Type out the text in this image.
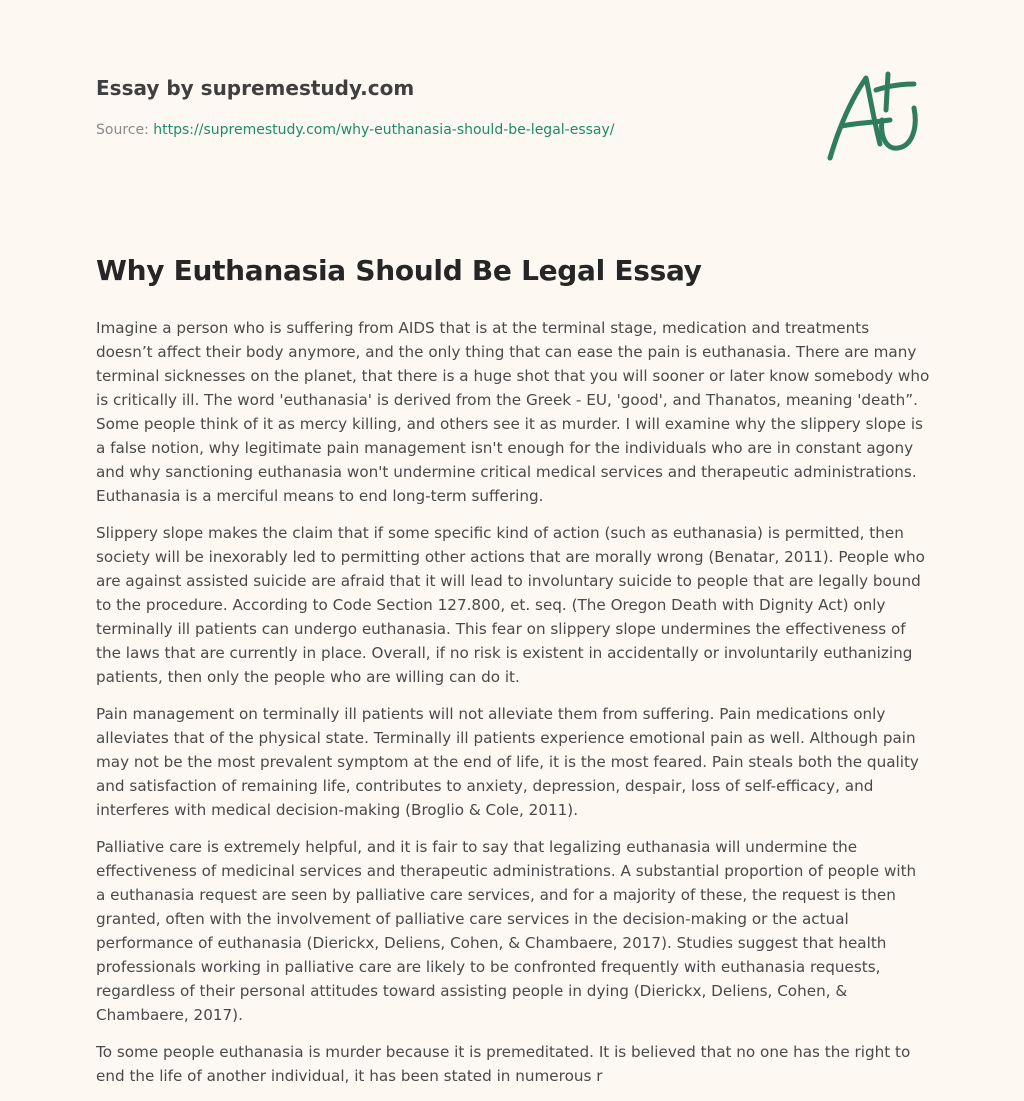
Essay by supremestudy.com
Source: https://supremestudy.com/why-euthanasia-should-be-legal-essay/
Why Euthanasia Should Be Legal Essay

Imagine a person who is suffering from AIDS that is at the terminal stage, medication and treatments doesn’t affect their body anymore, and the only thing that can ease the pain is euthanasia. There are many terminal sicknesses on the planet, that there is a huge shot that you will sooner or later know somebody who is critically ill. The word 'euthanasia' is derived from the Greek - EU, 'good', and Thanatos, meaning 'death”. Some people think of it as mercy killing, and others see it as murder. I will examine why the slippery slope is a false notion, why legitimate pain management isn't enough for the individuals who are in constant agony and why sanctioning euthanasia won't undermine critical medical services and therapeutic administrations. Euthanasia is a merciful means to end long-term suffering.

Slippery slope makes the claim that if some specific kind of action (such as euthanasia) is permitted, then society will be inexorably led to permitting other actions that are morally wrong (Benatar, 2011). People who are against assisted suicide are afraid that it will lead to involuntary suicide to people that are legally bound to the procedure. According to Code Section 127.800, et. seq. (The Oregon Death with Dignity Act) only terminally ill patients can undergo euthanasia. This fear on slippery slope undermines the effectiveness of the laws that are currently in place. Overall, if no risk is existent in accidentally or involuntarily euthanizing patients, then only the people who are willing can do it.

Pain management on terminally ill patients will not alleviate them from suffering. Pain medications only alleviates that of the physical state. Terminally ill patients experience emotional pain as well. Although pain may not be the most prevalent symptom at the end of life, it is the most feared. Pain steals both the quality and satisfaction of remaining life, contributes to anxiety, depression, despair, loss of self-efficacy, and interferes with medical decision-making (Broglio & Cole, 2011).

Palliative care is extremely helpful, and it is fair to say that legalizing euthanasia will undermine the effectiveness of medicinal services and therapeutic administrations. A substantial proportion of people with a euthanasia request are seen by palliative care services, and for a majority of these, the request is then granted, often with the involvement of palliative care services in the decision-making or the actual performance of euthanasia (Dierickx, Deliens, Cohen, & Chambaere, 2017). Studies suggest that health professionals working in palliative care are likely to be confronted frequently with euthanasia requests, regardless of their personal attitudes toward assisting people in dying (Dierickx, Deliens, Cohen, & Chambaere, 2017).

To some people euthanasia is murder because it is premeditated. It is believed that no one has the right to end the life of another individual, it has been stated in numerous r
